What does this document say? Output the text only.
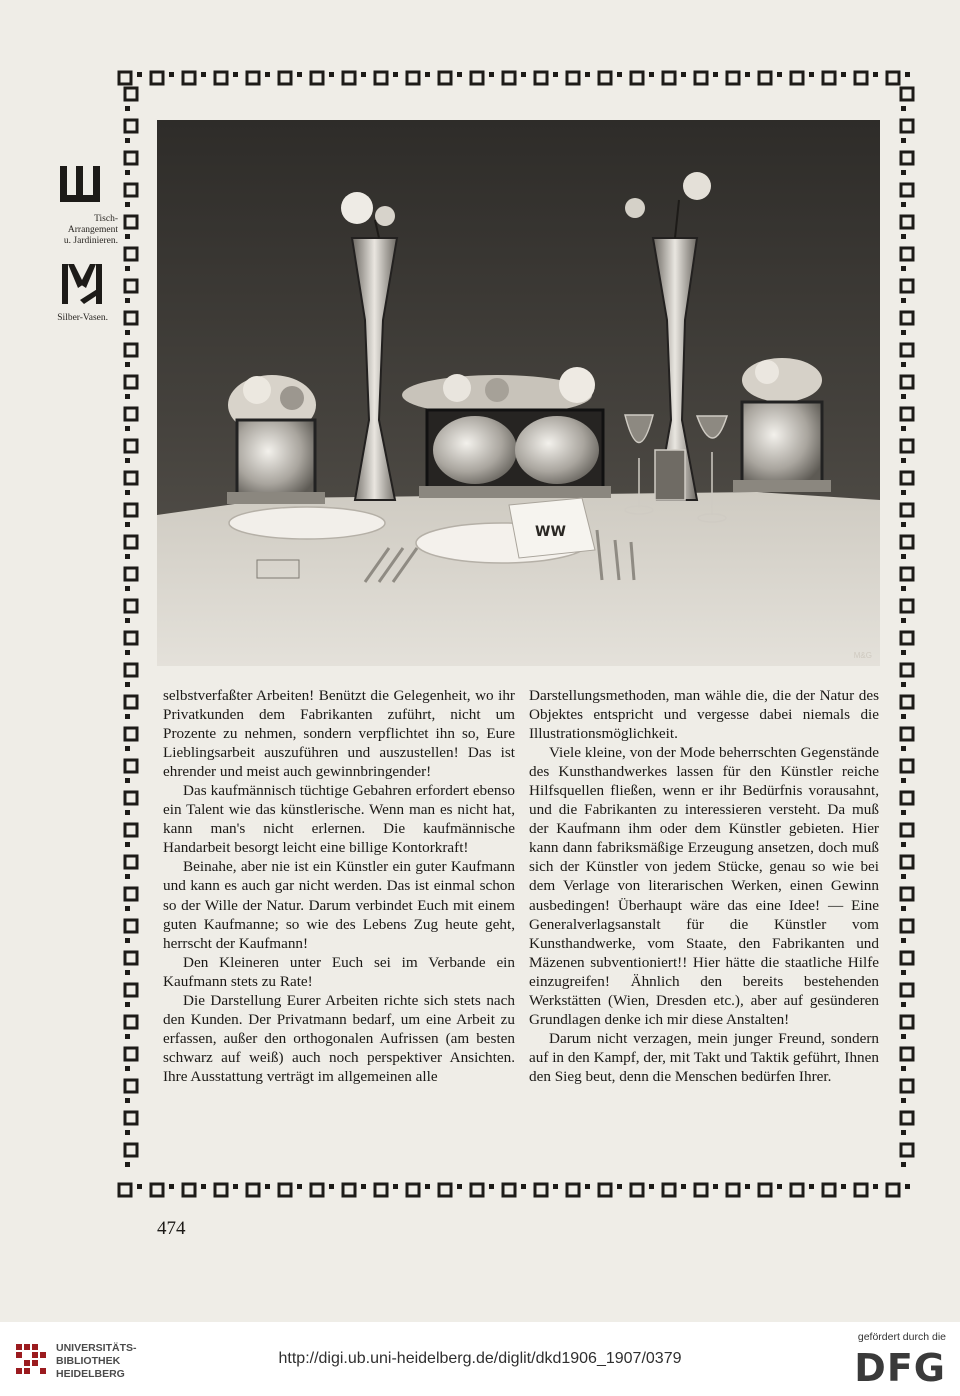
Tisch-
Arrangement
u. Jardinieren.
Silber-Vasen.
WW
M&G

selbstverfaßter Arbeiten! Benützt die Gelegenheit, wo ihr Privatkunden dem Fabrikanten zuführt, nicht um Prozente zu nehmen, sondern verpflichtet ihn so, Eure Lieblingsarbeit auszuführen und auszustellen! Das ist ehrender und meist auch gewinnbringender!

Das kaufmännisch tüchtige Gebahren erfordert ebenso ein Talent wie das künstlerische. Wenn man es nicht hat, kann man's nicht erlernen. Die kaufmännische Handarbeit besorgt leicht eine billige Kontorkraft!

Beinahe, aber nie ist ein Künstler ein guter Kaufmann und kann es auch gar nicht werden. Das ist einmal schon so der Wille der Natur. Darum verbindet Euch mit einem guten Kaufmanne; so wie des Lebens Zug heute geht, herrscht der Kaufmann!

Den Kleineren unter Euch sei im Verbande ein Kaufmann stets zu Rate!

Die Darstellung Eurer Arbeiten richte sich stets nach den Kunden. Der Privatmann bedarf, um eine Arbeit zu erfassen, außer den orthogonalen Aufrissen (am besten schwarz auf weiß) auch noch perspektiver Ansichten. Ihre Ausstattung verträgt im allgemeinen alle

Darstellungsmethoden, man wähle die, die der Natur des Objektes entspricht und vergesse dabei niemals die Illustrationsmöglichkeit.

Viele kleine, von der Mode beherrschten Gegenstände des Kunsthandwerkes lassen für den Künstler reiche Hilfsquellen fließen, wenn er ihr Bedürfnis vorausahnt, und die Fabrikanten zu interessieren versteht. Da muß der Kaufmann ihm oder dem Künstler gebieten. Hier kann dann fabriksmäßige Erzeugung ansetzen, doch muß sich der Künstler von jedem Stücke, genau so wie bei dem Verlage von literarischen Werken, einen Gewinn ausbedingen! Überhaupt wäre das eine Idee! — Eine Generalverlagsanstalt für die Künstler vom Kunsthandwerke, vom Staate, den Fabrikanten und Mäzenen subventioniert!! Hier hätte die staatliche Hilfe einzugreifen! Ähnlich den bereits bestehenden Werkstätten (Wien, Dresden etc.), aber auf gesünderen Grundlagen denke ich mir diese Anstalten!

Darum nicht verzagen, mein junger Freund, sondern auf in den Kampf, der, mit Takt und Taktik geführt, Ihnen den Sieg beut, denn die Menschen bedürfen Ihrer.

474
UNIVERSITÄTS-
BIBLIOTHEK
HEIDELBERG
http://digi.ub.uni-heidelberg.de/diglit/dkd1906_1907/0379
gefördert durch die
DFG
